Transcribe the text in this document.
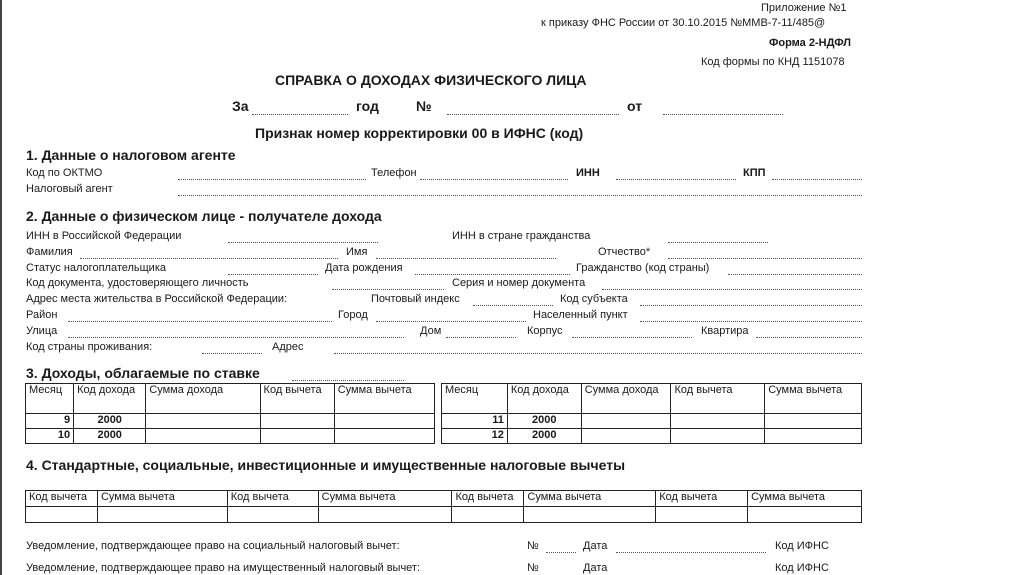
Приложение №1
к приказу ФНС России от 30.10.2015 №ММВ-7-11/485@
Форма 2-НДФЛ
Код формы по КНД 1151078
СПРАВКА О ДОХОДАХ ФИЗИЧЕСКОГО ЛИЦА
За	год	№	от
Признак номер корректировки 00 в ИФНС (код)
1. Данные о налоговом агенте
Код по ОКТМО	Телефон	ИНН	КПП
Налоговый агент
2. Данные о физическом лице - получателе дохода
ИНН в Российской Федерации	ИНН в стране гражданства
Фамилия	Имя	Отчество*
Статус налогоплательщика	Дата рождения	Гражданство (код страны)
Код документа, удостоверяющего личность	Серия и номер документа
Адрес места жительства в Российской Федерации:	Почтовый индекс	Код субъекта
Район	Город	Населенный пункт
Улица	Дом	Корпус	Квартира
Код страны проживания:	Адрес
3. Доходы, облагаемые по ставке
Месяц	Код дохода	Сумма дохода	Код вычета	Сумма вычета
9	2000			
10	2000			
Месяц	Код дохода	Сумма дохода	Код вычета	Сумма вычета
11	2000			
12	2000			
4. Стандартные, социальные, инвестиционные и имущественные налоговые вычеты
Код вычета	Сумма вычета	Код вычета	Сумма вычета	Код вычета	Сумма вычета	Код вычета	Сумма вычета

Уведомление, подтверждающее право на социальный налоговый вычет:	№	Дата	Код ИФНС
Уведомление, подтверждающее право на имущественный налоговый вычет:	№	Дата	Код ИФНС
